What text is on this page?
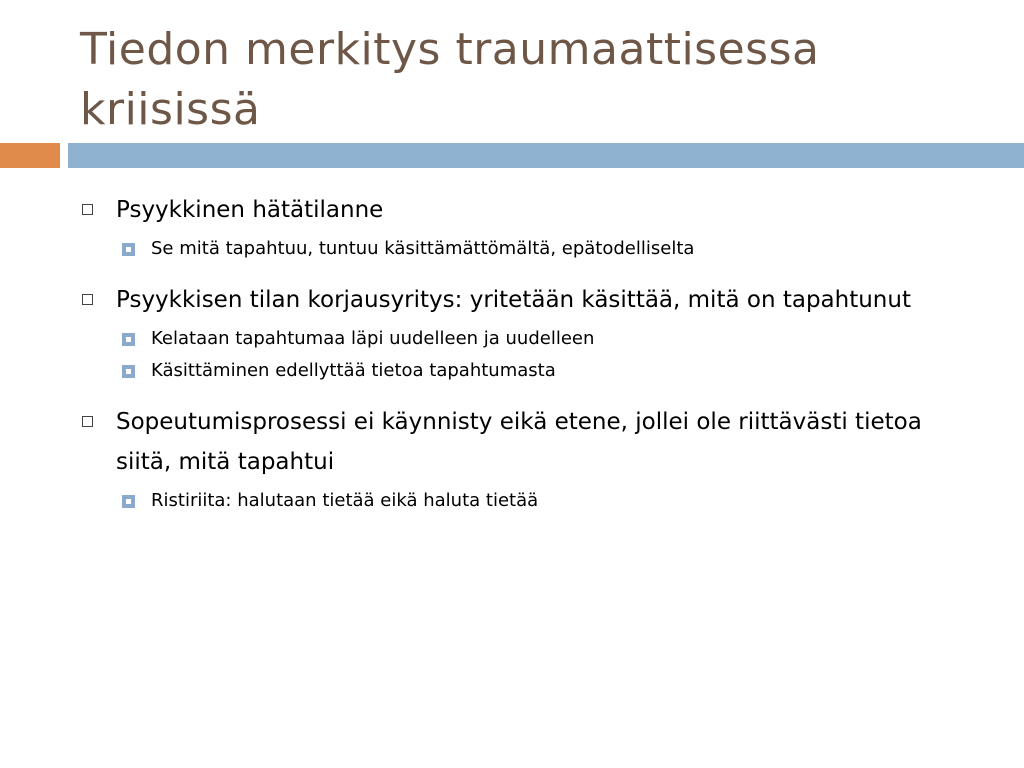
Tiedon merkitys traumaattisessa kriisissä
Psyykkinen hätätilanne
Se mitä tapahtuu, tuntuu käsittämättömältä, epätodelliselta
Psyykkisen tilan korjausyritys: yritetään käsittää, mitä on tapahtunut
Kelataan tapahtumaa läpi uudelleen ja uudelleen
Käsittäminen edellyttää tietoa tapahtumasta
Sopeutumisprosessi ei käynnisty eikä etene, jollei ole riittävästi tietoa siitä, mitä tapahtui
Ristiriita: halutaan tietää eikä haluta tietää
